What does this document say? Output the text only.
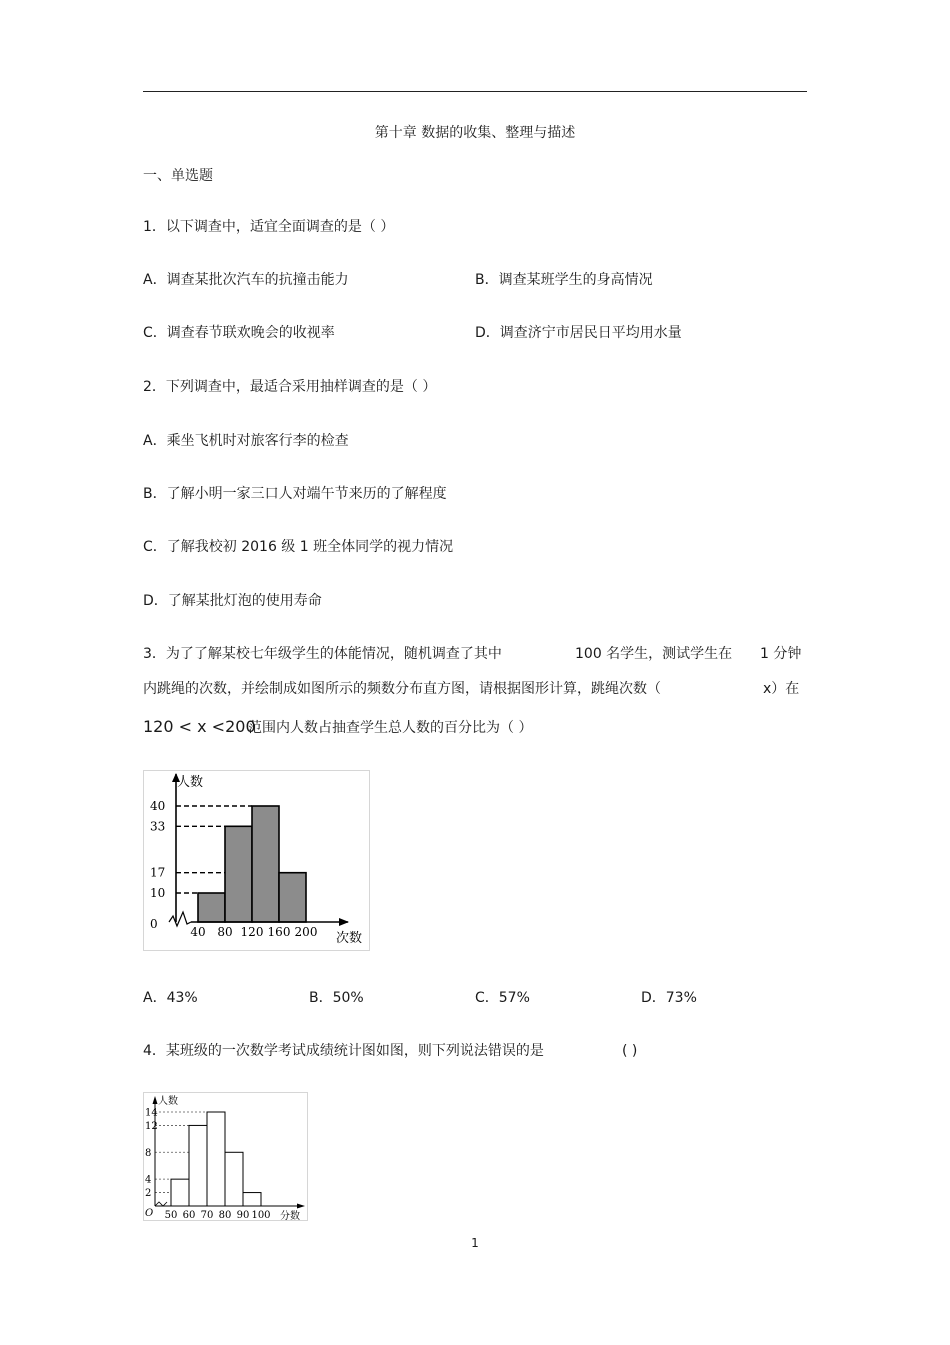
第十章 数据的收集、整理与描述
一、单选题
1．以下调查中，适宜全面调查的是（ ）
A．调查某批次汽车的抗撞击能力	B．调查某班学生的身高情况
C．调查春节联欢晚会的收视率	D．调查济宁市居民日平均用水量
2．下列调查中，最适合采用抽样调查的是（ ）
A．乘坐飞机时对旅客行李的检查
B．了解小明一家三口人对端午节来历的了解程度
C．了解我校初 2016 级 1 班全体同学的视力情况
D．了解某批灯泡的使用寿命
3．为了了解某校七年级学生的体能情况，随机调查了其中	100 名学生，测试学生在 1 分钟
内跳绳的次数，并绘制成如图所示的频数分布直方图，请根据图形计算，跳绳次数（	x）在
120 < x <200
范围内人数占抽查学生总人数的百分比为（ ）
人数
次数
0
10
17
33
40
40 80 120 160 200
A．43%	B．50%	C．57%	D．73%
4．某班级的一次数学考试成绩统计图如图，则下列说法错误的是	( )
O
人数
分数
2
4
8
12
14
50 60 70 80 90 100
1
